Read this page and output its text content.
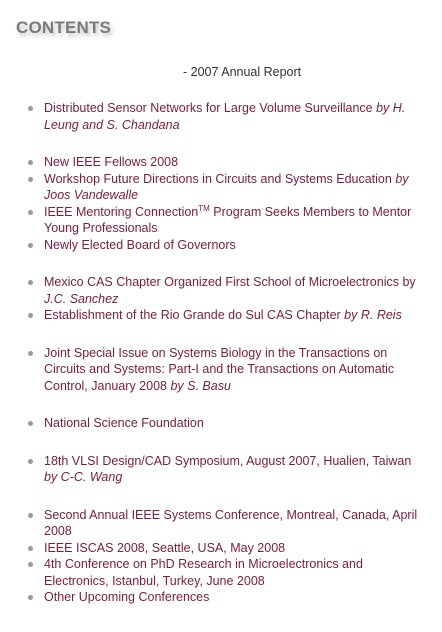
CONTENTS
- 2007 Annual Report
Distributed Sensor Networks for Large Volume Surveillance by H. Leung and S. Chandana
New IEEE Fellows 2008
Workshop Future Directions in Circuits and Systems Education by Joos Vandewalle
IEEE Mentoring Connection™ Program Seeks Members to Mentor Young Professionals
Newly Elected Board of Governors
Mexico CAS Chapter Organized First School of Microelectronics by J.C. Sanchez
Establishment of the Rio Grande do Sul CAS Chapter by R. Reis
Joint Special Issue on Systems Biology in the Transactions on Circuits and Systems: Part-I and the Transactions on Automatic Control, January 2008 by S. Basu
National Science Foundation
18th VLSI Design/CAD Symposium, August 2007, Hualien, Taiwan by C-C. Wang
Second Annual IEEE Systems Conference, Montreal, Canada, April 2008
IEEE ISCAS 2008, Seattle, USA, May 2008
4th Conference on PhD Research in Microelectronics and Electronics, Istanbul, Turkey, June 2008
Other Upcoming Conferences
